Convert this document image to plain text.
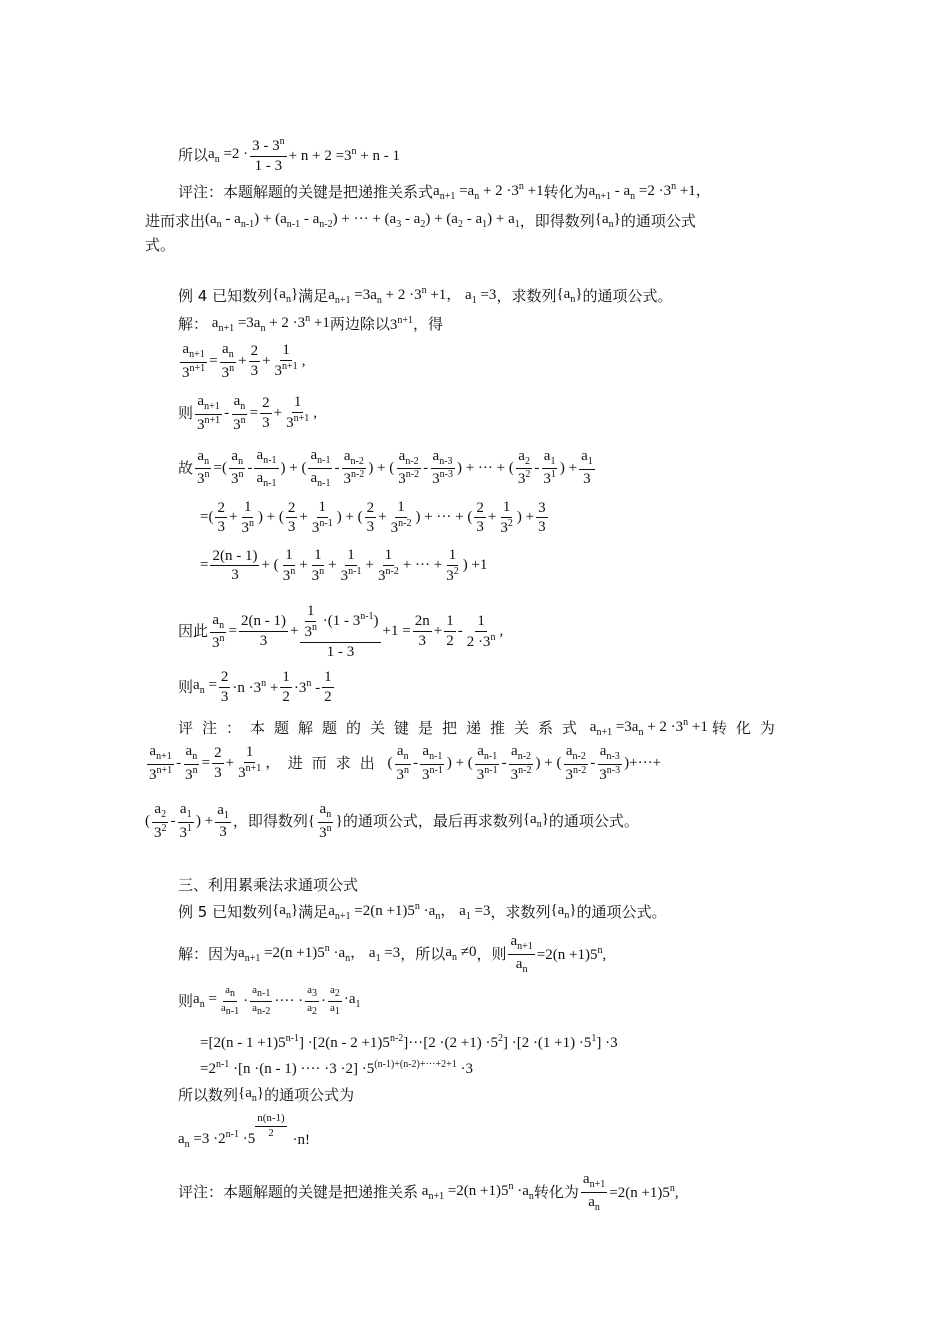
所以 $a_n =2 \cdot 3 - 3^n$
1 - 3
+ $n + 2 =3^n + n - 1$
评注：本题解题的关键是把递推关系式 $a_{n+1} =a_n + 2 \cdot 3^n +1$ 转化为 $a_{n+1} - a_n =2 \cdot 3^n +1$，
进而求出 $(a_n - a_{n-1}) + (a_{n-1} - a_{n-2})$ + ··· + $(a_3 - a_2) + (a_2 - a_1) + a_1$ ，即得数列 $\{a_n\}$ 的通项公式
式。
例 4
已知数列 $\{a_n\}$ 满足 $a_{n+1} =3a_n + 2 \cdot 3^n +1$， $a_1 =3$ ，求数列 $\{a_n\}$ 的通项公式。
解： $a_{n+1} =3a_n + 2 \cdot 3^n +1$ 两边除以 $3^{n+1}$ ，得
$\frac{a_{n+1}}{3^{n+1}} = \frac{a_n}{3^n} + \frac{2}{3} + \frac{1}{3^{n+1}}$ ,
则
$a_{n+1}$
$3^{n+1} - \frac{a_n}{3^n} = \frac{2}{3} + \frac{1}{3^{n+1}}$ ,
故 $\frac{a_n}{3^n}$ =(
$a_n$
3$^n$ -
$a_{n-1}$
$a_{n-1}$
) + (
$a_{n-1}$
$a_{n-1}$
-
$a_{n-2}$
3$^{n-2}$ ) + (
$a_{n-2}$
3$^{n-2}$ -
$a_{n-3}$
3$^{n-3}$ ) + ··· + (
$a_2$
$3^2$ -
$a_1$
$3^1$ ) + $\frac{a_1}{3}$
=(
2
3
+ $\frac{1}{3^n}$ ) + (
2
3
+ $\frac{1}{3^{n-1}}$ ) + (
2
3
+ $\frac{1}{3^{n-2}}$ ) + ··· + (
2
3
+ $\frac{1}{3^2}$ ) + $\frac{3}{3}$
= $\frac{2(n - 1)}{3}$ + (
1
$3^n + \frac{1}{3^n} + \frac{1}{3^{n-1}} + \frac{1}{3^{n-2}}$ + ··· + $\frac{1}{3^2}$ ) +1
因此 $\frac{a_n}{3^n} = \frac{2(n - 1)}{3} + \frac{\frac{1}{3^n} \cdot(1 - 3^{n-1})}{1 - 3} +1 = \frac{2n}{3} + \frac{1}{2}$ -
1
$2 \cdot 3^n$ ,
则 $a_n = \frac{2}{3} \cdot n \cdot 3^n + \frac{1}{2} \cdot 3^n$ -
1
2
评注：本题解题的关键是把递推关系式 $a_{n+1} =3a_n + 2 \cdot 3^n +1$ 转化为
$a_{n+1}$
$3^{n+1} - \frac{a_n}{3^n} = \frac{2}{3} + \frac{1}{3^{n+1}}$ ， 进而求出 (
$a_n$
3$^n$ -
$a_{n-1}$
3$^{n-1}$ ) + (
$a_{n-1}$
3$^{n-1}$ -
$a_{n-2}$
3$^{n-2}$ ) + (
$a_{n-2}$
3$^{n-2}$ -
$a_{n-3}$
3$^{n-3}$ )+···+
(
$a_2$
$3^2$ -
$a_1$
$3^1$ ) + $\frac{a_1}{3}$ ，即得数列 {
$a_n$
3$^n$ } 的通项公式 ，最后再求数列 $\{a_n\}$ 的通项公式。
三、利用累乘法求通项公式
例 5
已知数列 $\{a_n\}$ 满足 $a_{n+1} =2(n +1)5^n \cdot a_n$， $a_1 =3$ ，求数列 $\{a_n\}$ 的通项公式。
解：因为 $a_{n+1} =2(n +1)5^n \cdot a_n$， $a_1 =3$ ，所以 $a_n \ne 0$ ，则 $\frac{a_{n+1}}{a_n} =2(n +1)5^n$,
则 $a_n = \frac{a_n}{a_{n-1}}$ ·
$a_{n-1}$
$a_{n-2}$
···· ·
$a_3$
$a_2$
·
$a_2$
$a_1$
$\cdot a_1$
$=[2(n - 1 +1)5^{n-1}] \cdot[2(n - 2 +1)5^{n-2}]\cdot\cdot\cdot[2 \cdot(2 +1) \cdot 5^2] \cdot[2 \cdot(1 +1) \cdot 5^1] \cdot 3$
$=2^{n-1} \cdot[n \cdot(n - 1)$ ···· $\cdot 3 \cdot 2] \cdot 5^{(n-1)+(n-2)+\cdot\cdot\cdot+2+1} \cdot 3$
所以 数列 $\{a_n\}$ 的通项公式为
$a_n =3 \cdot 2^{n-1} \cdot 5$
n(n-1)
2 ·n!
评注：本题解题的关键是把递推关系 $a_{n+1} =2(n +1)5^n \cdot a_n$ 转化为 $\frac{a_{n+1}}{a_n} =2(n +1)5^n$,
